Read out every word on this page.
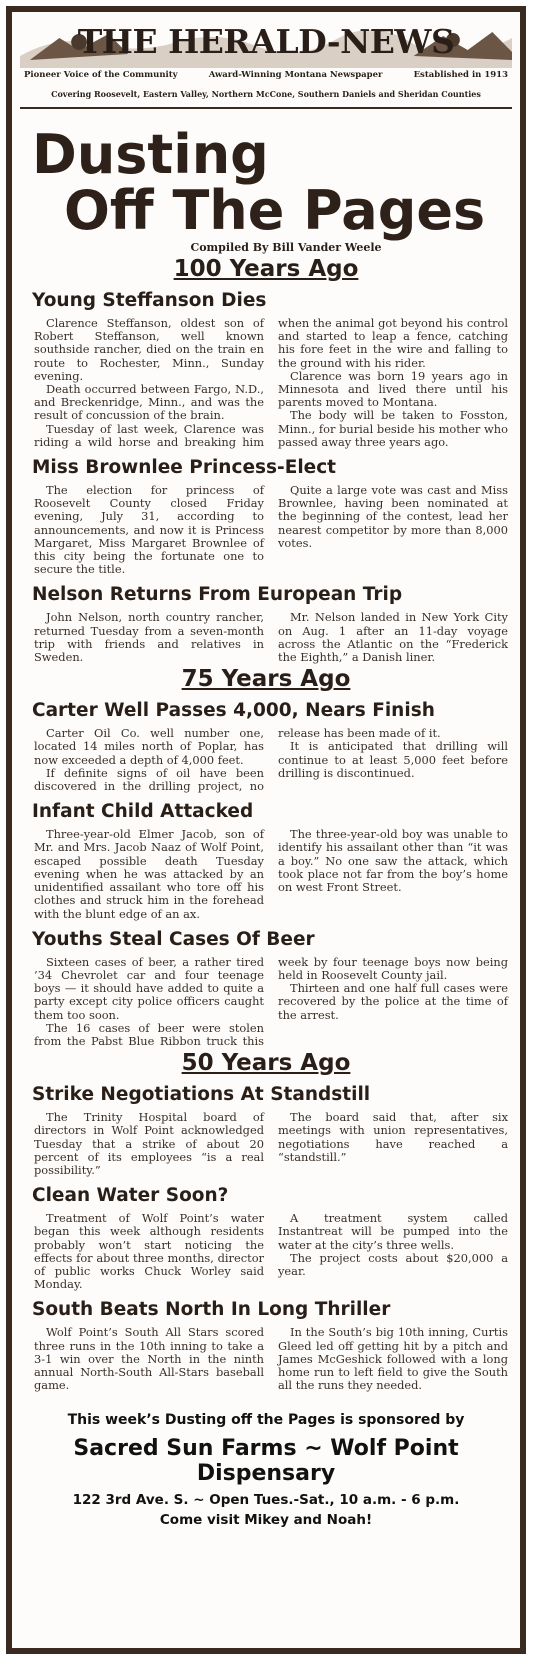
THE HERALD-NEWS
Pioneer Voice of the Community	Award-Winning Montana Newspaper	Established in 1913
Covering Roosevelt, Eastern Valley, Northern McCone, Southern Daniels and Sheridan Counties
Dusting
Off The Pages
Compiled By Bill Vander Weele
100 Years Ago
Young Steffanson Dies

Clarence Steffanson, oldest son of Robert Steffanson, well known southside rancher, died on the train en route to Rochester, Minn., Sunday evening.

Death occurred between Fargo, N.D., and Breckenridge, Minn., and was the result of concussion of the brain.

Tuesday of last week, Clarence was riding a wild horse and breaking him when the animal got beyond his control and started to leap a fence, catching his fore feet in the wire and falling to the ground with his rider.

Clarence was born 19 years ago in Minnesota and lived there until his parents moved to Montana.

The body will be taken to Fosston, Minn., for burial beside his mother who passed away three years ago.

Miss Brownlee Princess-Elect

The election for princess of Roosevelt County closed Friday evening, July 31, according to announcements, and now it is Princess Margaret, Miss Margaret Brownlee of this city being the fortunate one to secure the title.

Quite a large vote was cast and Miss Brownlee, having been nominated at the beginning of the contest, lead her nearest competitor by more than 8,000 votes.

Nelson Returns From European Trip

John Nelson, north country rancher, returned Tuesday from a seven-month trip with friends and relatives in Sweden.

Mr. Nelson landed in New York City on Aug. 1 after an 11-day voyage across the Atlantic on the “Frederick the Eighth,” a Danish liner.

75 Years Ago
Carter Well Passes 4,000, Nears Finish

Carter Oil Co. well number one, located 14 miles north of Poplar, has now exceeded a depth of 4,000 feet.

If definite signs of oil have been discovered in the drilling project, no release has been made of it.

It is anticipated that drilling will continue to at least 5,000 feet before drilling is discontinued.

Infant Child Attacked

Three-year-old Elmer Jacob, son of Mr. and Mrs. Jacob Naaz of Wolf Point, escaped possible death Tuesday evening when he was attacked by an unidentified assailant who tore off his clothes and struck him in the forehead with the blunt edge of an ax.

The three-year-old boy was unable to identify his assailant other than “it was a boy.” No one saw the attack, which took place not far from the boy’s home on west Front Street.

Youths Steal Cases Of Beer

Sixteen cases of beer, a rather tired ’34 Chevrolet car and four teenage boys — it should have added to quite a party except city police officers caught them too soon.

The 16 cases of beer were stolen from the Pabst Blue Ribbon truck this week by four teenage boys now being held in Roosevelt County jail.

Thirteen and one half full cases were recovered by the police at the time of the arrest.

50 Years Ago
Strike Negotiations At Standstill

The Trinity Hospital board of directors in Wolf Point acknowledged Tuesday that a strike of about 20 percent of its employees “is a real possibility.”

The board said that, after six meetings with union representatives, negotiations have reached a “standstill.”

Clean Water Soon?

Treatment of Wolf Point’s water began this week although residents probably won’t start noticing the effects for about three months, director of public works Chuck Worley said Monday.

A treatment system called Instantreat will be pumped into the water at the city’s three wells.

The project costs about $20,000 a year.

South Beats North In Long Thriller

Wolf Point’s South All Stars scored three runs in the 10th inning to take a 3-1 win over the North in the ninth annual North-South All-Stars baseball game.

In the South’s big 10th inning, Curtis Gleed led off getting hit by a pitch and James McGeshick followed with a long home run to left field to give the South all the runs they needed.

This week’s Dusting off the Pages is sponsored by
Sacred Sun Farms ~ Wolf Point Dispensary
122 3rd Ave. S. ~ Open Tues.-Sat., 10 a.m. - 6 p.m.
Come visit Mikey and Noah!
